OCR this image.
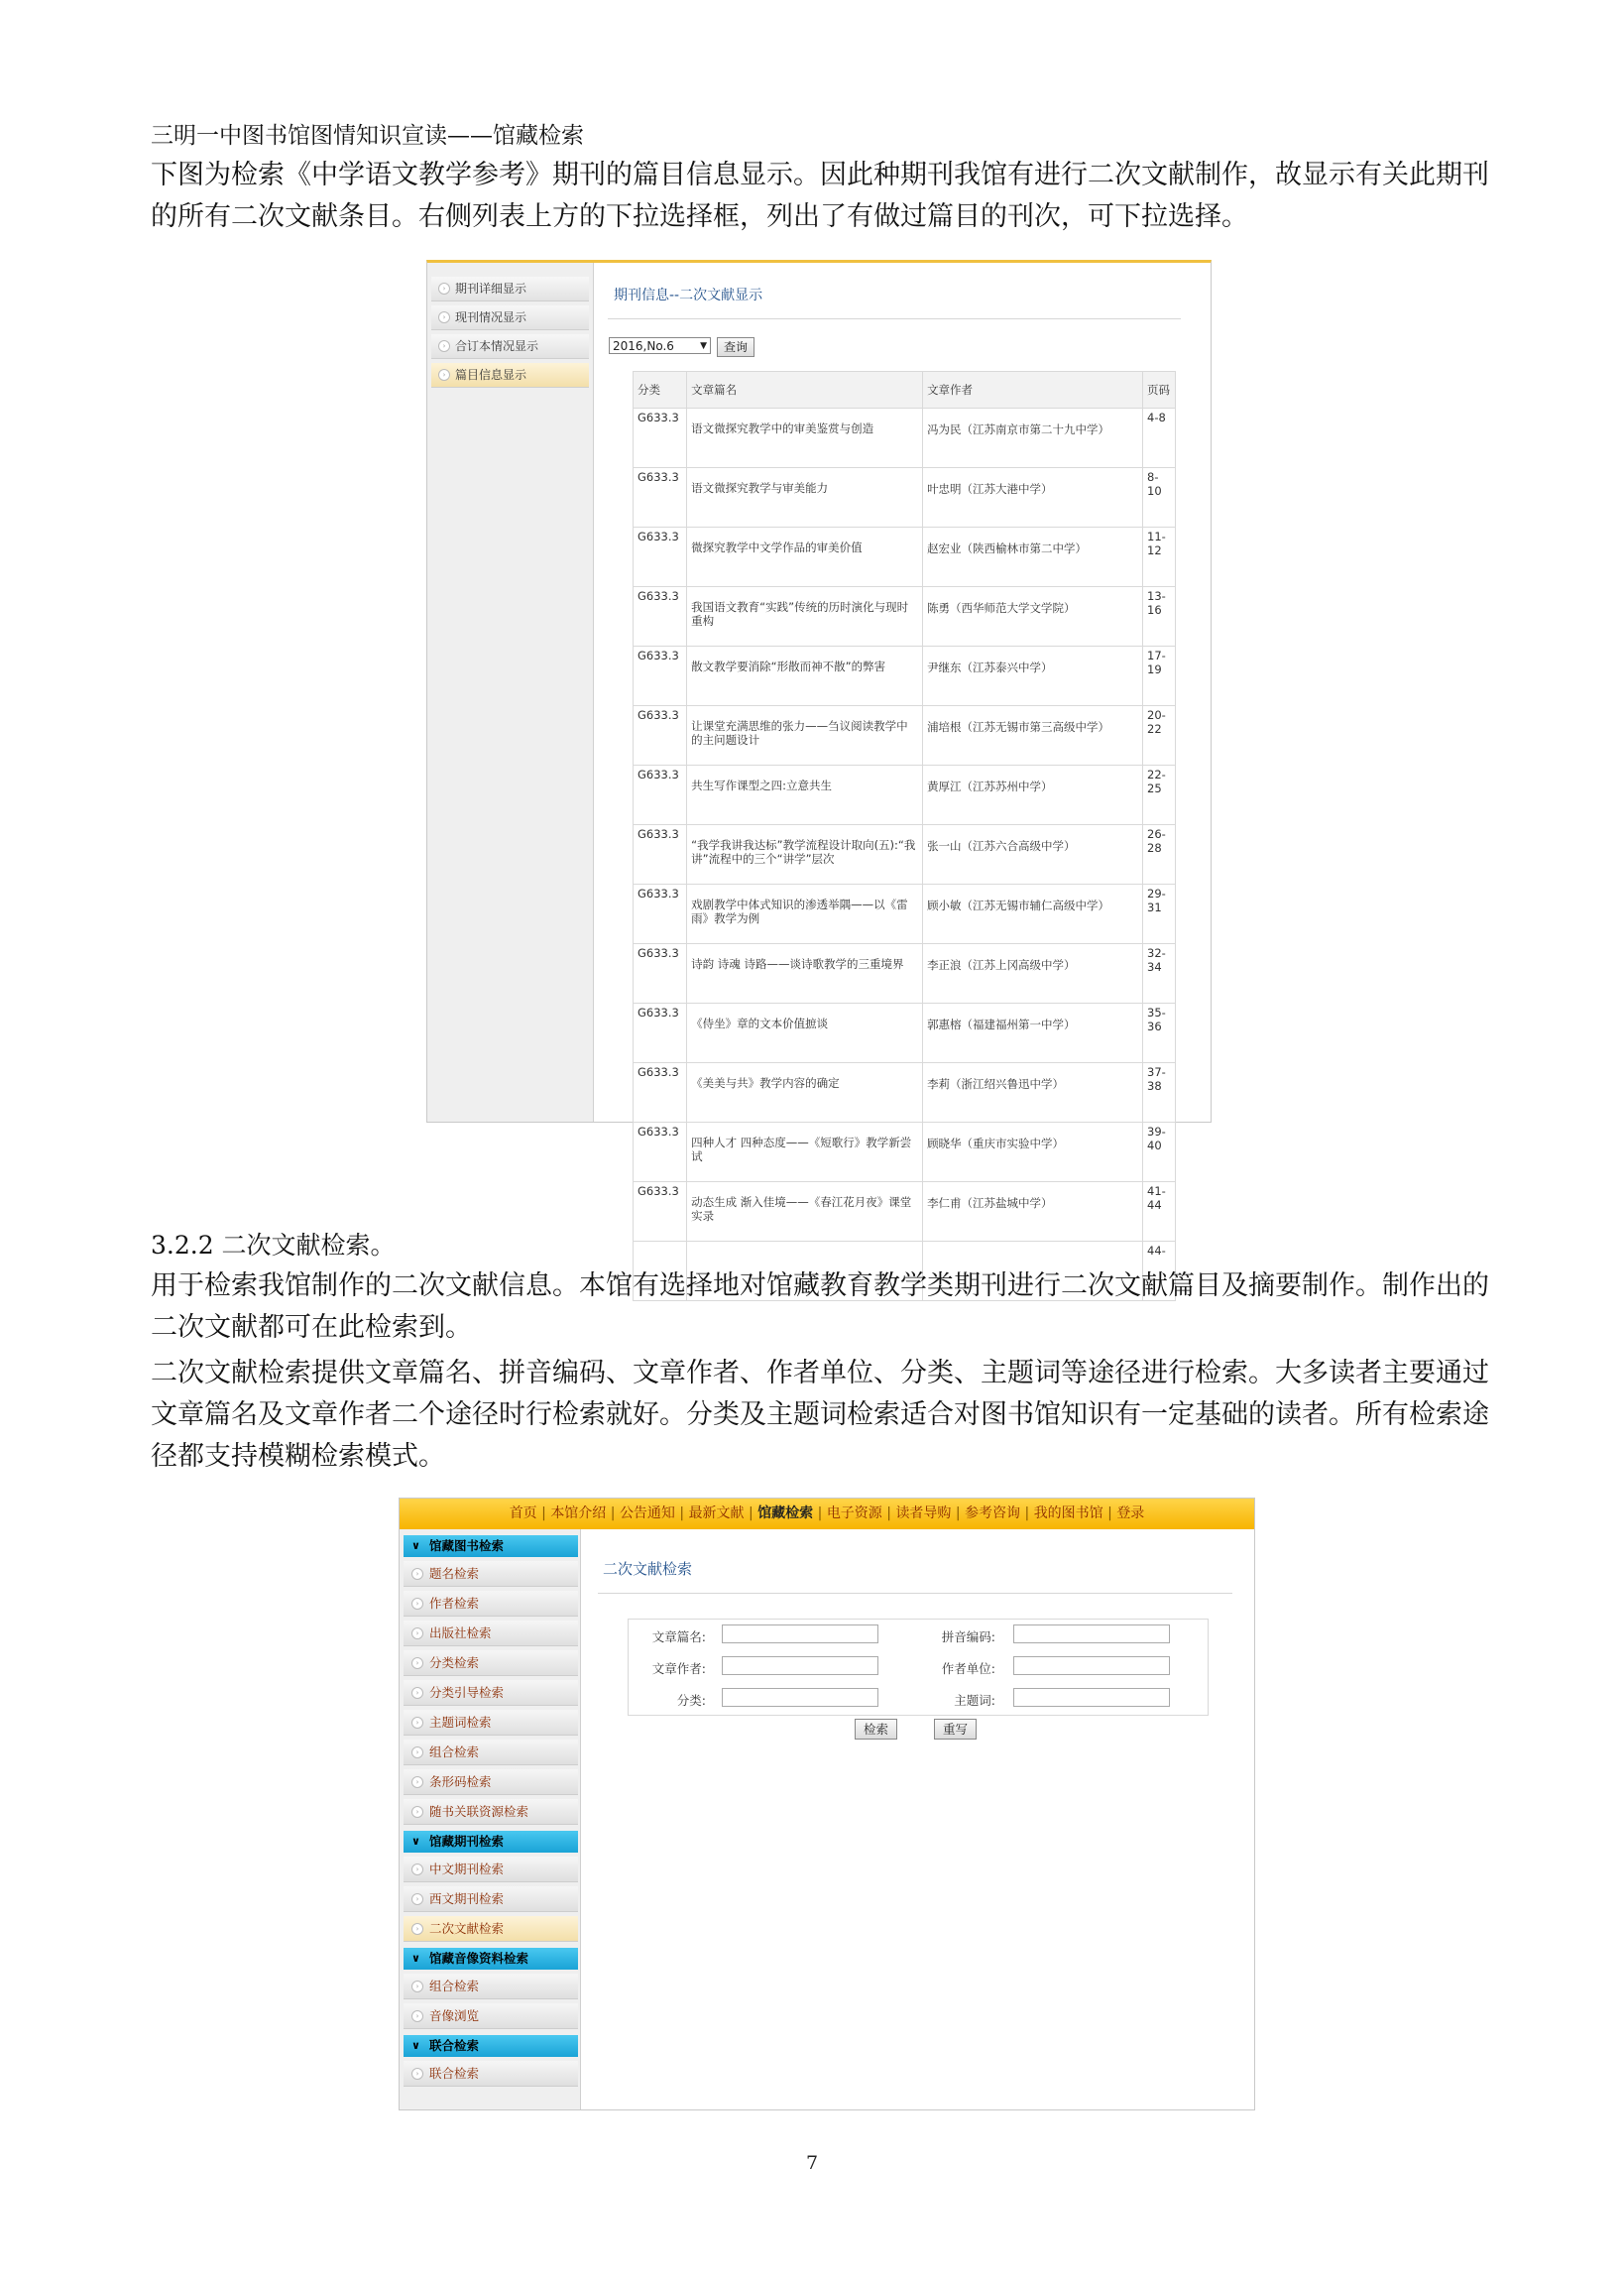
三明一中图书馆图情知识宣读——馆藏检索
下图为检索《中学语文教学参考》期刊的篇目信息显示。因此种期刊我馆有进行二次文献制作，故显示有关此期刊的所有二次文献条目。右侧列表上方的下拉选择框，列出了有做过篇目的刊次，可下拉选择。
› 期刊详细显示
› 现刊情况显示
› 合订本情况显示
› 篇目信息显示
期刊信息--二次文献显示
2016,No.6	▼	查询
分类	文章篇名	文章作者	页码
G633.3	语文微探究教学中的审美鉴赏与创造	冯为民（江苏南京市第二十九中学）	4-8
G633.3	语文微探究教学与审美能力	叶忠明（江苏大港中学）	8-10
G633.3	微探究教学中文学作品的审美价值	赵宏业（陕西榆林市第二中学）	11-12
G633.3	我国语文教育“实践”传统的历时演化与现时重构	陈勇（西华师范大学文学院）	13-16
G633.3	散文教学要消除“形散而神不散”的弊害	尹继东（江苏泰兴中学）	17-19
G633.3	让课堂充满思维的张力——刍议阅读教学中的主问题设计	浦培根（江苏无锡市第三高级中学）	20-22
G633.3	共生写作课型之四:立意共生	黄厚江（江苏苏州中学）	22-25
G633.3	“我学我讲我达标”教学流程设计取向(五):“我讲”流程中的三个“讲学”层次	张一山（江苏六合高级中学）	26-28
G633.3	戏剧教学中体式知识的渗透举隅——以《雷雨》教学为例	顾小敏（江苏无锡市辅仁高级中学）	29-31
G633.3	诗韵 诗魂 诗路——谈诗歌教学的三重境界	李正浪（江苏上冈高级中学）	32-34
G633.3	《侍坐》章的文本价值摭谈	郭惠榕（福建福州第一中学）	35-36
G633.3	《美美与共》教学内容的确定	李莉（浙江绍兴鲁迅中学）	37-38
G633.3	四种人才 四种态度——《短歌行》教学新尝试	顾晓华（重庆市实验中学）	39-40
G633.3	动态生成 渐入佳境——《春江花月夜》课堂实录	李仁甫（江苏盐城中学）	41-44
			44-
3.2.2 二次文献检索。
用于检索我馆制作的二次文献信息。本馆有选择地对馆藏教育教学类期刊进行二次文献篇目及摘要制作。制作出的二次文献都可在此检索到。
二次文献检索提供文章篇名、拼音编码、文章作者、作者单位、分类、主题词等途径进行检索。大多读者主要通过文章篇名及文章作者二个途径时行检索就好。分类及主题词检索适合对图书馆知识有一定基础的读者。所有检索途径都支持模糊检索模式。
首页 | 本馆介绍 | 公告通知 | 最新文献 | 馆藏检索 | 电子资源 | 读者导购 | 参考咨询 | 我的图书馆 | 登录
∨ 馆藏图书检索
› 题名检索
› 作者检索
› 出版社检索
› 分类检索
› 分类引导检索
› 主题词检索
› 组合检索
› 条形码检索
› 随书关联资源检索
∨ 馆藏期刊检索
› 中文期刊检索
› 西文期刊检索
› 二次文献检索
∨ 馆藏音像资料检索
› 组合检索
› 音像浏览
∨ 联合检索
› 联合检索
二次文献检索
文章篇名:	拼音编码:
文章作者:	作者单位:
分类:	主题词:
检索	重写
7
